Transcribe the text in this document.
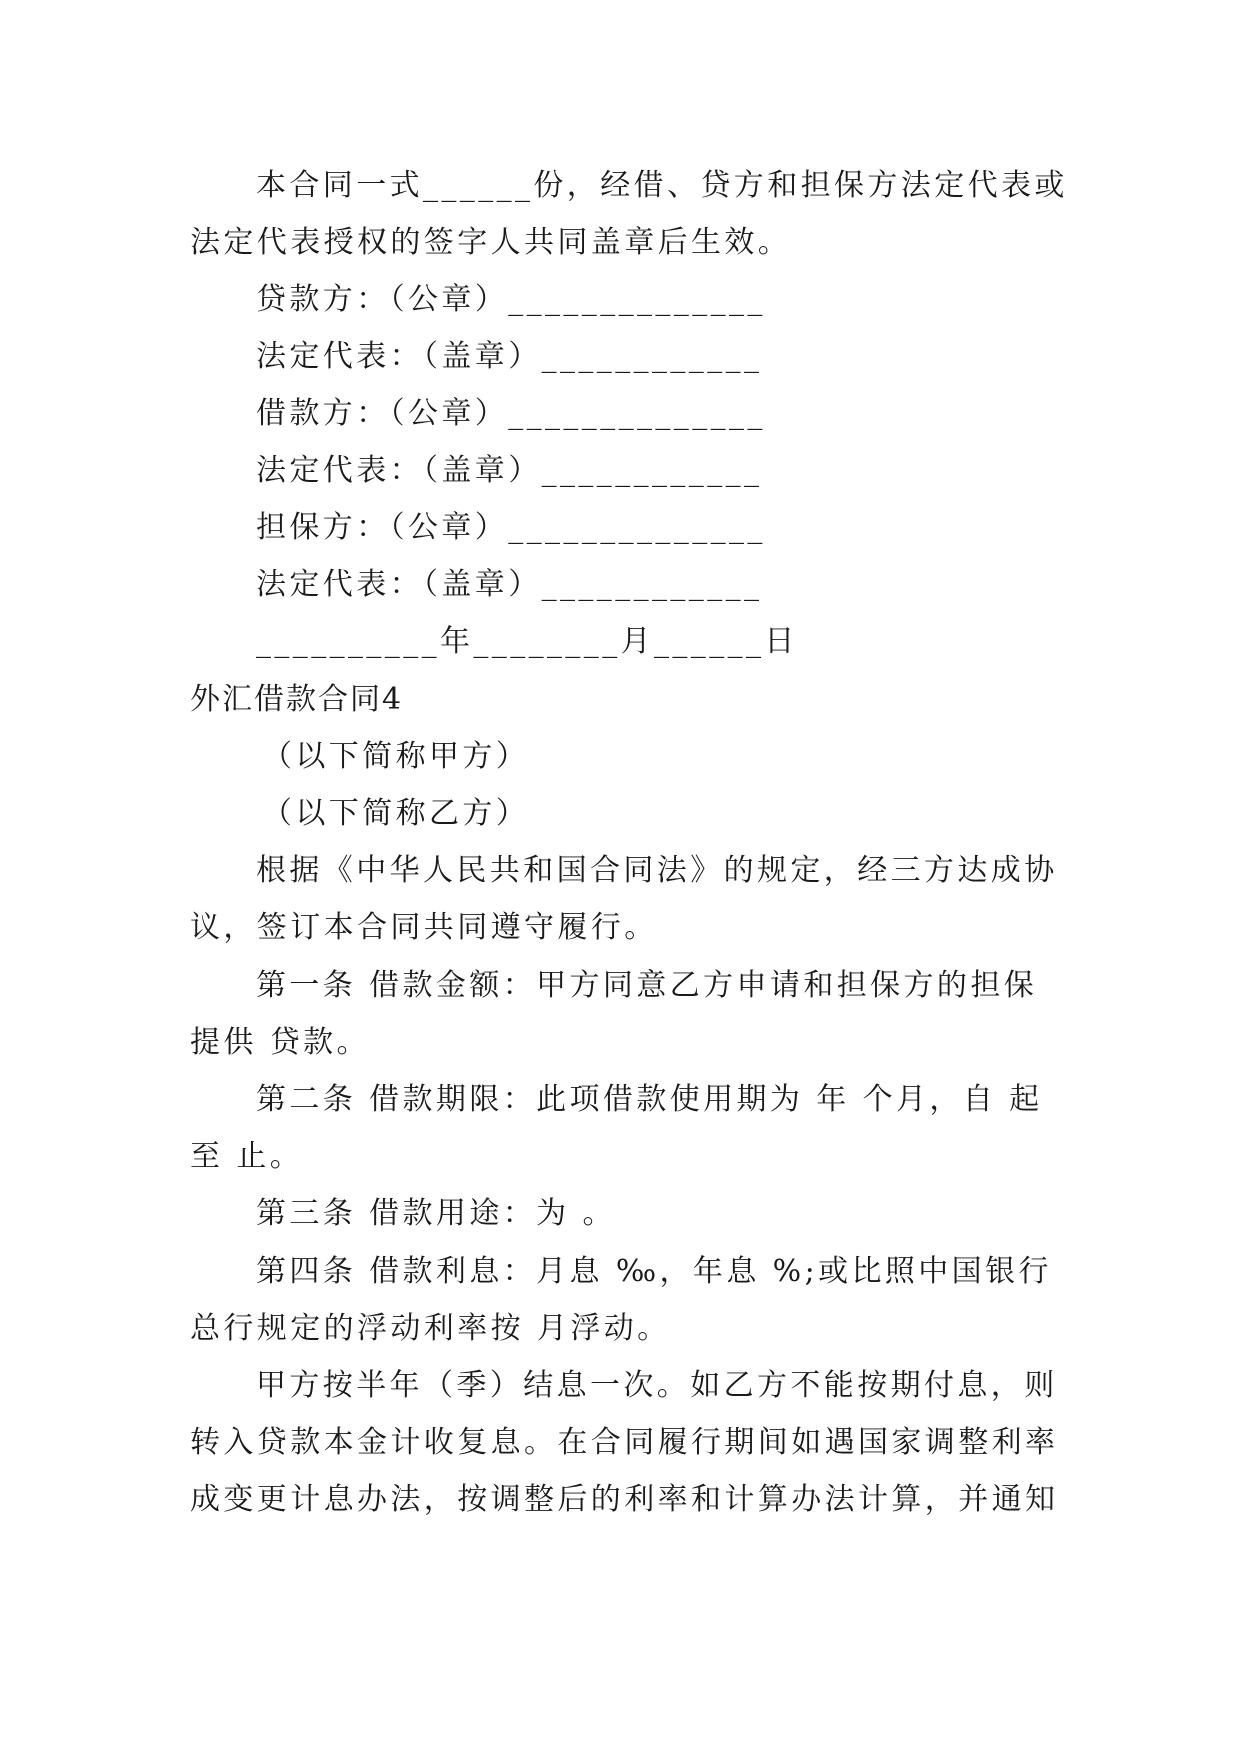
本合同一式______份，经借、贷方和担保方法定代表或
法定代表授权的签字人共同盖章后生效。
贷款方：（公章）______________
法定代表：（盖章）____________
借款方：（公章）______________
法定代表：（盖章）____________
担保方：（公章）______________
法定代表：（盖章）____________
__________年________月______日
外汇借款合同4
（以下简称甲方）
（以下简称乙方）
根据《中华人民共和国合同法》的规定，经三方达成协
议，签订本合同共同遵守履行。
第一条 借款金额：甲方同意乙方申请和担保方的担保
提供 贷款。
第二条 借款期限：此项借款使用期为 年 个月，自 起
至 止。
第三条 借款用途：为 。
第四条 借款利息：月息 ‰，年息 %;或比照中国银行
总行规定的浮动利率按 月浮动。
甲方按半年（季）结息一次。如乙方不能按期付息，则
转入贷款本金计收复息。在合同履行期间如遇国家调整利率
成变更计息办法，按调整后的利率和计算办法计算，并通知
